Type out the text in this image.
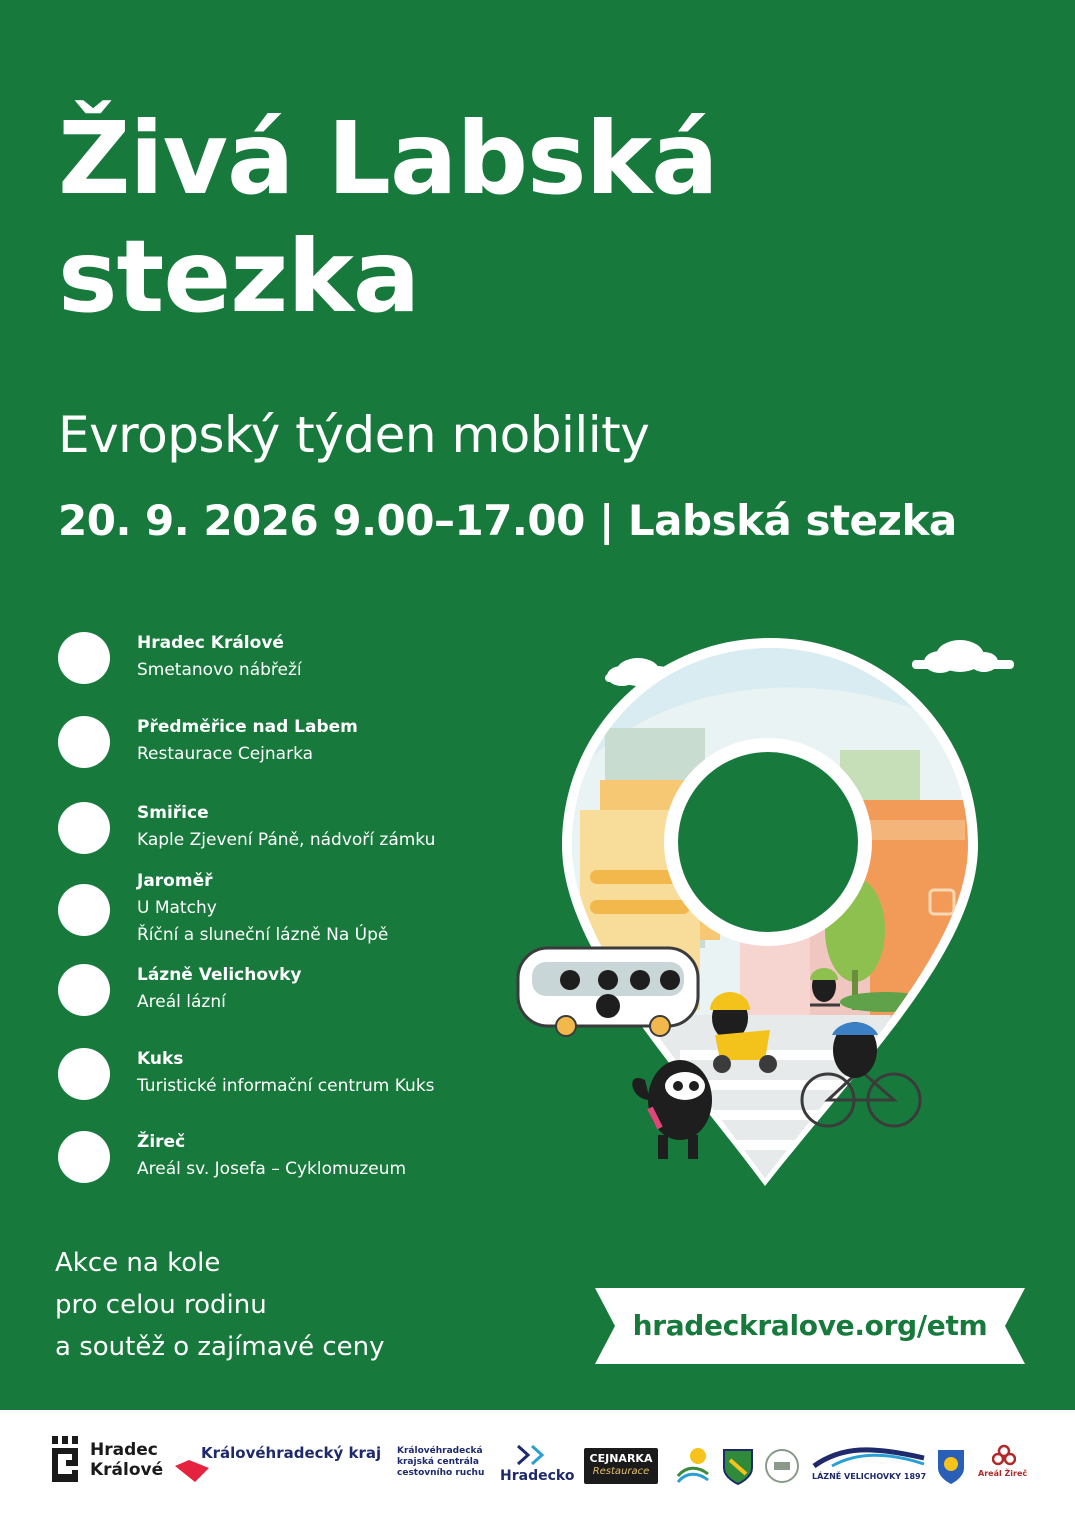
Živá Labská
stezka
Evropský týden mobility
20. 9. 2026 9.00–17.00 | Labská stezka
Hradec Králové
Smetanovo nábřeží
Předměřice nad Labem
Restaurace Cejnarka
Smiřice
Kaple Zjevení Páně, nádvoří zámku
Jaroměř
U Matchy
Říční a sluneční lázně Na Úpě
Lázně Velichovky
Areál lázní
Kuks
Turistické informační centrum Kuks
Žireč
Areál sv. Josefa – Cyklomuzeum
Akce na kole
pro celou rodinu
a soutěž o zajímavé ceny
hradeckralove.org/etm
Hradec
Králové
Královéhradecký kraj Královéhradecká
krajská centrála
cestovního ruchu	Hradecko
CEJNARKA
Restaurace	LÁZNĚ VELICHOVKY 1897	Areál Žireč
